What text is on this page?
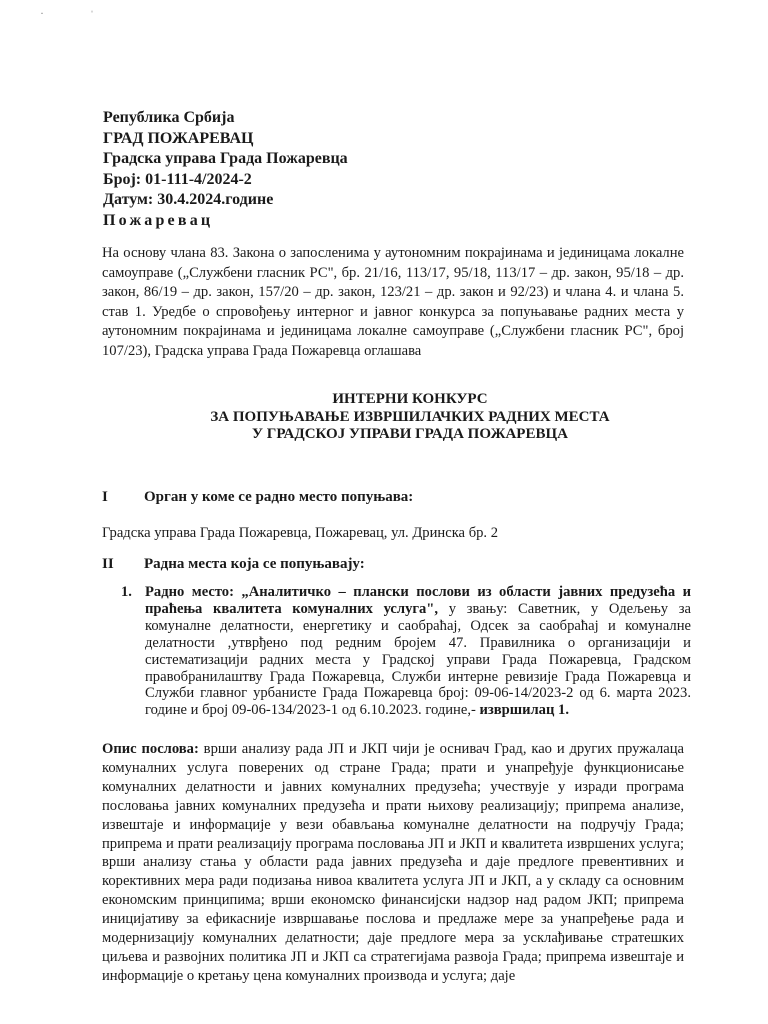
·	ˈ
Република Србија
ГРАД ПОЖАРЕВАЦ
Градска управа Града Пожаревца
Број: 01-111-4/2024-2
Датум: 30.4.2024.године
Пожаревац
На основу члана 83. Закона о запосленима у аутономним покрајинама и јединицама локалне самоуправе („Службени гласник РС", бр. 21/16, 113/17, 95/18, 113/17 – др. закон, 95/18 – др. закон, 86/19 – др. закон, 157/20 – др. закон, 123/21 – др. закон и 92/23) и члана 4. и члана 5. став 1. Уредбе о спровођењу интерног и јавног конкурса за попуњавање радних места у аутономним покрајинама и јединицама локалне самоуправе („Службени гласник РС", број 107/23), Градска управа Града Пожаревца оглашава
ИНТЕРНИ КОНКУРС
ЗА ПОПУЊАВАЊЕ ИЗВРШИЛАЧКИХ РАДНИХ МЕСТА
У ГРАДСКОЈ УПРАВИ ГРАДА ПОЖАРЕВЦА
I Орган у коме се радно место попуњава:
Градска управа Града Пожаревца, Пожаревац, ул. Дринска бр. 2
II Радна места која се попуњавају:
1. Радно место: „Аналитичко – плански послови из области јавних предузећа и праћења квалитета комуналних услуга", у звању: Саветник, у Одељењу за комуналне делатности, енергетику и саобраћај, Одсек за саобраћај и комуналне делатности ,утврђено под редним бројем 47. Правилника о организацији и систематизацији радних места у Градској управи Града Пожаревца, Градском правобранилаштву Града Пожаревца, Служби интерне ревизије Града Пожаревца и Служби главног урбанисте Града Пожаревца број: 09-06-14/2023-2 од 6. марта 2023. године и број 09-06-134/2023-1 од 6.10.2023. године,- извршилац 1.
Опис послова: врши анализу рада ЈП и ЈКП чији је оснивач Град, као и других пружалаца комуналних услуга поверених од стране Града; прати и унапређује функционисање комуналних делатности и јавних комуналних предузећа; учествује у изради програма пословања јавних комуналних предузећа и прати њихову реализацију; припрема анализе, извештаје и информације у вези обављања комуналне делатности на подручју Града; припрема и прати реализацију програма пословања ЈП и ЈКП и квалитета извршених услуга; врши анализу стања у области рада јавних предузећа и даје предлоге превентивних и корективних мера ради подизања нивоа квалитета услуга ЈП и ЈКП, а у складу са основним економским принципима; врши економско финансијски надзор над радом ЈКП; припрема иницијативу за ефикасније извршавање послова и предлаже мере за унапређење рада и модернизацију комуналних делатности; даје предлоге мера за усклађивање стратешких циљева и развојних политика ЈП и ЈКП са стратегијама развоја Града; припрема извештаје и информације о кретању цена комуналних производа и услуга; даје
